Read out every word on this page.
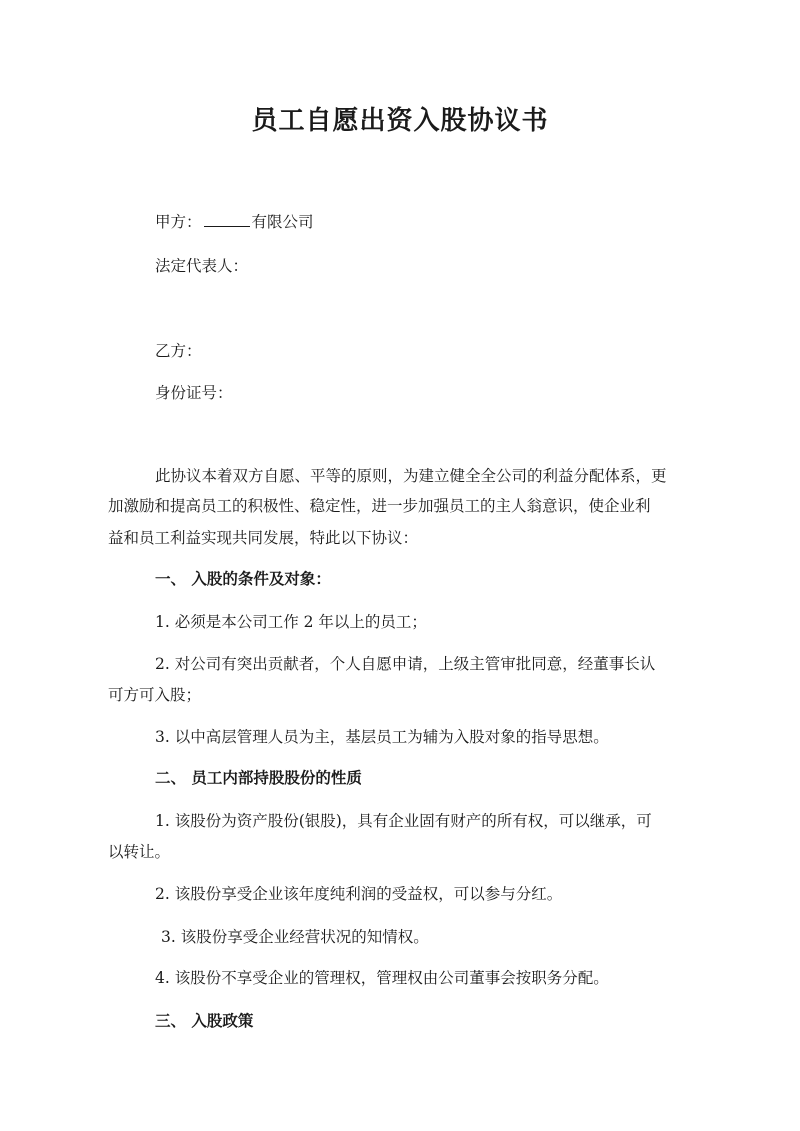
员工自愿出资入股协议书
甲方：	有限公司
法定代表人：
乙方：
身份证号：
此协议本着双方自愿、平等的原则，为建立健全全公司的利益分配体系，更
加激励和提高员工的积极性、稳定性，进一步加强员工的主人翁意识，使企业利
益和员工利益实现共同发展，特此以下协议：
一、 入股的条件及对象：
1. 必须是本公司工作 2 年以上的员工；
2. 对公司有突出贡献者，个人自愿申请，上级主管审批同意，经董事长认
可方可入股；
3. 以中高层管理人员为主，基层员工为辅为入股对象的指导思想。
二、 员工内部持股股份的性质
1. 该股份为资产股份(银股)，具有企业固有财产的所有权，可以继承，可
以转让。
2. 该股份享受企业该年度纯利润的受益权，可以参与分红。
3. 该股份享受企业经营状况的知情权。
4. 该股份不享受企业的管理权，管理权由公司董事会按职务分配。
三、 入股政策
